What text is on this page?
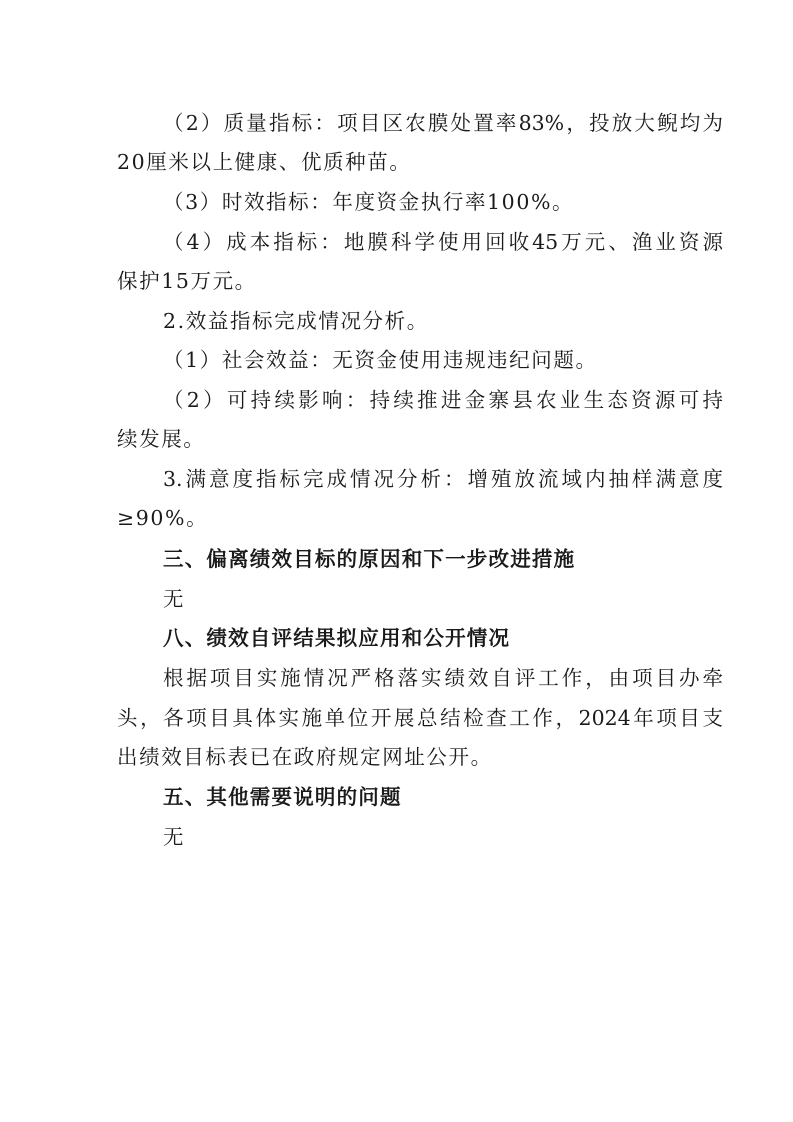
（2）质量指标：项目区农膜处置率83%，投放大鲵均为
20厘米以上健康、优质种苗。
（3）时效指标：年度资金执行率100%。
（4）成本指标：地膜科学使用回收45万元、渔业资源
保护15万元。
2.效益指标完成情况分析。
（1）社会效益：无资金使用违规违纪问题。
（2）可持续影响：持续推进金寨县农业生态资源可持
续发展。
3.满意度指标完成情况分析：增殖放流域内抽样满意度
≥90%。
三、偏离绩效目标的原因和下一步改进措施
无
八、绩效自评结果拟应用和公开情况
根据项目实施情况严格落实绩效自评工作，由项目办牵
头，各项目具体实施单位开展总结检查工作，2024年项目支
出绩效目标表已在政府规定网址公开。
五、其他需要说明的问题
无
